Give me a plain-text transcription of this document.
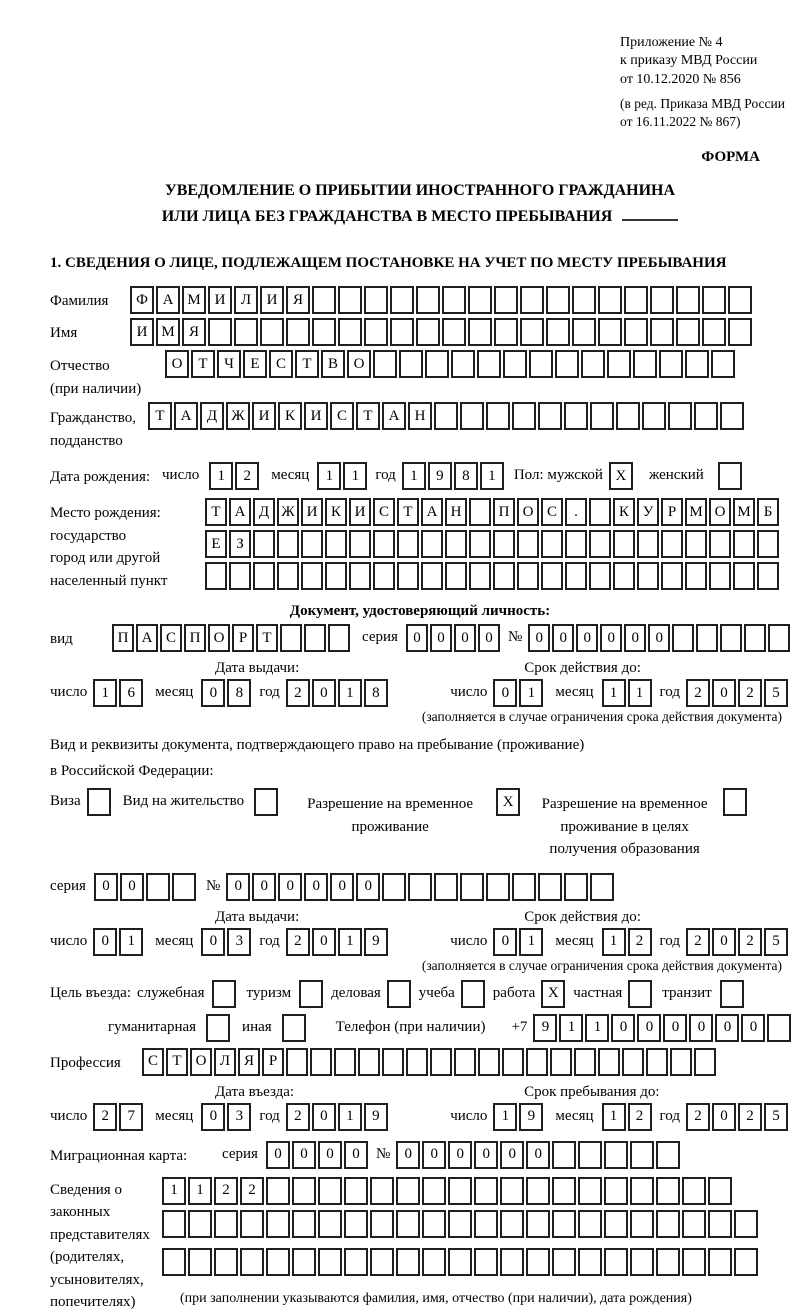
Приложение № 4
к приказу МВД России
от 10.12.2020 № 856
(в ред. Приказа МВД России
от 16.11.2022 № 867)
ФОРМА
УВЕДОМЛЕНИЕ О ПРИБЫТИИ ИНОСТРАННОГО ГРАЖДАНИНА
ИЛИ ЛИЦА БЕЗ ГРАЖДАНСТВА В МЕСТО ПРЕБЫВАНИЯ
1. СВЕДЕНИЯ О ЛИЦЕ, ПОДЛЕЖАЩЕМ ПОСТАНОВКЕ НА УЧЕТ ПО МЕСТУ ПРЕБЫВАНИЯ
Фамилия	Ф А М И	Л	И	Я
Имя	И М Я
Отчество
(при наличии)
О	Т	Ч	Е	С	Т	В	О
Гражданство,
подданство
Т	А	Д Ж И	К	И	С	Т	А	Н
Дата рождения: число	1	2	месяц	1	1	год 1	9	8	1	Пол: мужской X	женский
Место рождения:
государство
город или другой
населенный пункт
Т А Д Ж И К И С Т А Н	П О С	.	К У Р М О М Б

Е	З

Документ, удостоверяющий личность:
вид	П А С П О Р	Т	серия	0	0	0	0	№ 0	0	0	0	0	0
Дата выдачи:	Срок действия до:
число 1	6	месяц	0	8	год 2	0	1	8	число 0	1	месяц	1	1	год 2	0	2	5
(заполняется в случае ограничения срока действия документа)
Вид и реквизиты документа, подтверждающего право на пребывание (проживание)
в Российской Федерации:
Виза	Вид на жительство	Разрешение на временное проживание
X	Разрешение на временное проживание в целях получения образования
серия	0	0	№ 0	0	0	0	0	0
Дата выдачи:	Срок действия до:
число 0	1	месяц	0	3	год 2	0	1	9	число 0	1	месяц	1	2	год 2	0	2	5
(заполняется в случае ограничения срока действия документа)
Цель въезда: служебная	туризм	деловая	учеба	работа X частная	транзит
гуманитарная	иная	Телефон (при наличии) +7 9	1	1	0	0	0	0	0	0
Профессия	С Т О Л Я Р
Дата въезда:	Срок пребывания до:
число 2	7	месяц	0	3	год 2	0	1	9	число 1	9	месяц	1	2	год 2	0	2	5
Миграционная карта:	серия	0	0	0	0	№ 0	0	0	0	0	0
Сведения о
законных
представителях
(родителях,
усыновителях,
попечителях)
1	1	2	2

(при заполнении указываются фамилия, имя, отчество (при наличии), дата рождения)
